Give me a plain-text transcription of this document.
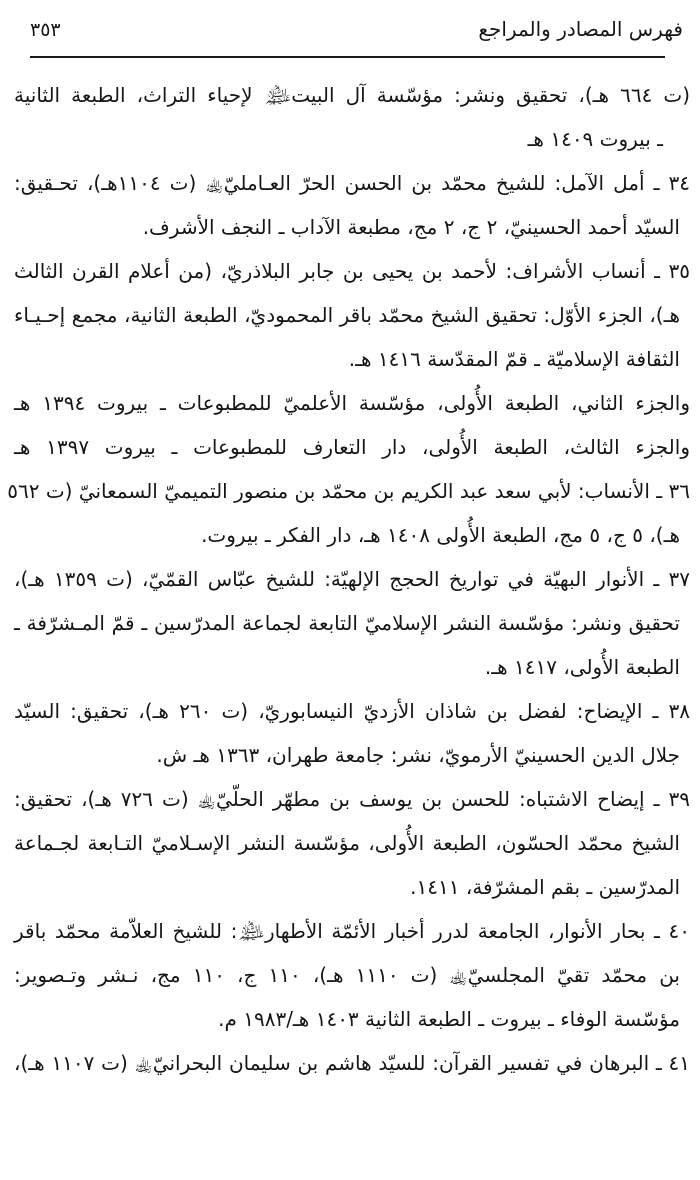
فهرس المصادر والمراجع
٣٥٣
(ت ٦٦٤ هـ)، تحقيق ونشر: مؤسّسة آل البيت﵈ لإحياء التراث، الطبعة الثانية
ـ بيروت ١٤٠٩ هـ
٣٤ ـ أمل الآمل: للشيخ محمّد بن الحسن الحرّ العـامليّ﵀ (ت ١١٠٤هـ)، تحـقيق:
السيّد أحمد الحسينيّ، ٢ ج، ٢ مج، مطبعة الآداب ـ النجف الأشرف.
٣٥ ـ أنساب الأشراف: لأحمد بن يحيى بن جابر البلاذريّ، (من أعلام القرن الثالث
هـ)، الجزء الأوّل: تحقيق الشيخ محمّد باقر المحموديّ، الطبعة الثانية، مجمع إحـيـاء
الثقافة الإسلاميّة ـ قمّ المقدّسة ١٤١٦ هـ.
والجزء الثاني، الطبعة الأُولى، مؤسّسة الأعلميّ للمطبوعات ـ بيروت ١٣٩٤ هـ
والجزء الثالث، الطبعة الأُولى، دار التعارف للمطبوعات ـ بيروت ١٣٩٧ هـ
٣٦ ـ الأنساب: لأبي سعد عبد الكريم بن محمّد بن منصور التميميّ السمعانيّ (ت ٥٦٢
هـ)، ٥ ج، ٥ مج، الطبعة الأُولى ١٤٠٨ هـ، دار الفكر ـ بيروت.
٣٧ ـ الأنوار البهيّة في تواريخ الحجج الإلهيّة: للشيخ عبّاس القمّيّ، (ت ١٣٥٩ هـ)،
تحقيق ونشر: مؤسّسة النشر الإسلاميّ التابعة لجماعة المدرّسين ـ قمّ المـشرّفة ـ
الطبعة الأُولى، ١٤١٧ هـ.
٣٨ ـ الإيضاح: لفضل بن شاذان الأزديّ النيسابوريّ، (ت ٢٦٠ هـ)، تحقيق: السيّد
جلال الدين الحسينيّ الأرمويّ، نشر: جامعة طهران، ١٣٦٣ هـ ش.
٣٩ ـ إيضاح الاشتباه: للحسن بن يوسف بن مطهّر الحلّيّ﵀ (ت ٧٢٦ هـ)، تحقيق:
الشيخ محمّد الحسّون، الطبعة الأُولى، مؤسّسة النشر الإسـلاميّ التـابعة لجـماعة
المدرّسين ـ بقم المشرّفة، ١٤١١.
٤٠ ـ بحار الأنوار، الجامعة لدرر أخبار الأئمّة الأطهار﵈: للشيخ العلاّمة محمّد باقر
بن محمّد تقيّ المجلسيّ﵀ (ت ١١١٠ هـ)، ١١٠ ج، ١١٠ مج، نـشر وتـصوير:
مؤسّسة الوفاء ـ بيروت ـ الطبعة الثانية ١٤٠٣ هـ/١٩٨٣ م.
٤١ ـ البرهان في تفسير القرآن: للسيّد هاشم بن سليمان البحرانيّ﵀ (ت ١١٠٧ هـ)،
